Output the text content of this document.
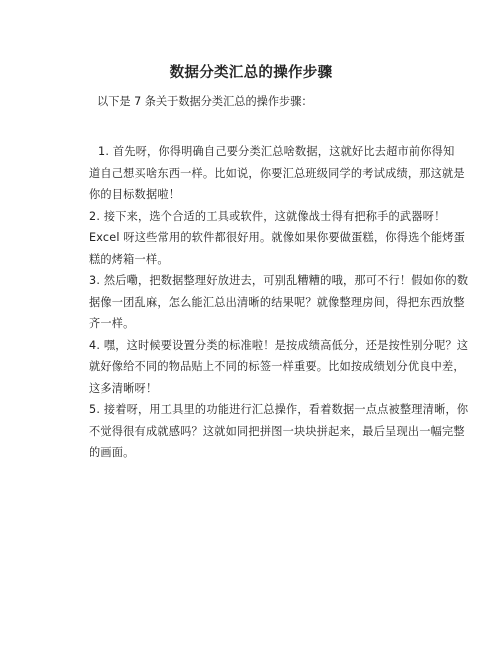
数据分类汇总的操作步骤
以下是 7 条关于数据分类汇总的操作步骤：
1. 首先呀，你得明确自己要分类汇总啥数据，这就好比去超市前你得知
道自己想买啥东西一样。比如说，你要汇总班级同学的考试成绩，那这就是
你的目标数据啦！
2. 接下来，选个合适的工具或软件，这就像战士得有把称手的武器呀！
Excel 呀这些常用的软件都很好用。就像如果你要做蛋糕，你得选个能烤蛋
糕的烤箱一样。
3. 然后嘞，把数据整理好放进去，可别乱糟糟的哦，那可不行！假如你的数
据像一团乱麻，怎么能汇总出清晰的结果呢？就像整理房间，得把东西放整
齐一样。
4. 嘿，这时候要设置分类的标准啦！是按成绩高低分，还是按性别分呢？这
就好像给不同的物品贴上不同的标签一样重要。比如按成绩划分优良中差，
这多清晰呀！
5. 接着呀，用工具里的功能进行汇总操作，看着数据一点点被整理清晰，你
不觉得很有成就感吗？这就如同把拼图一块块拼起来，最后呈现出一幅完整
的画面。
